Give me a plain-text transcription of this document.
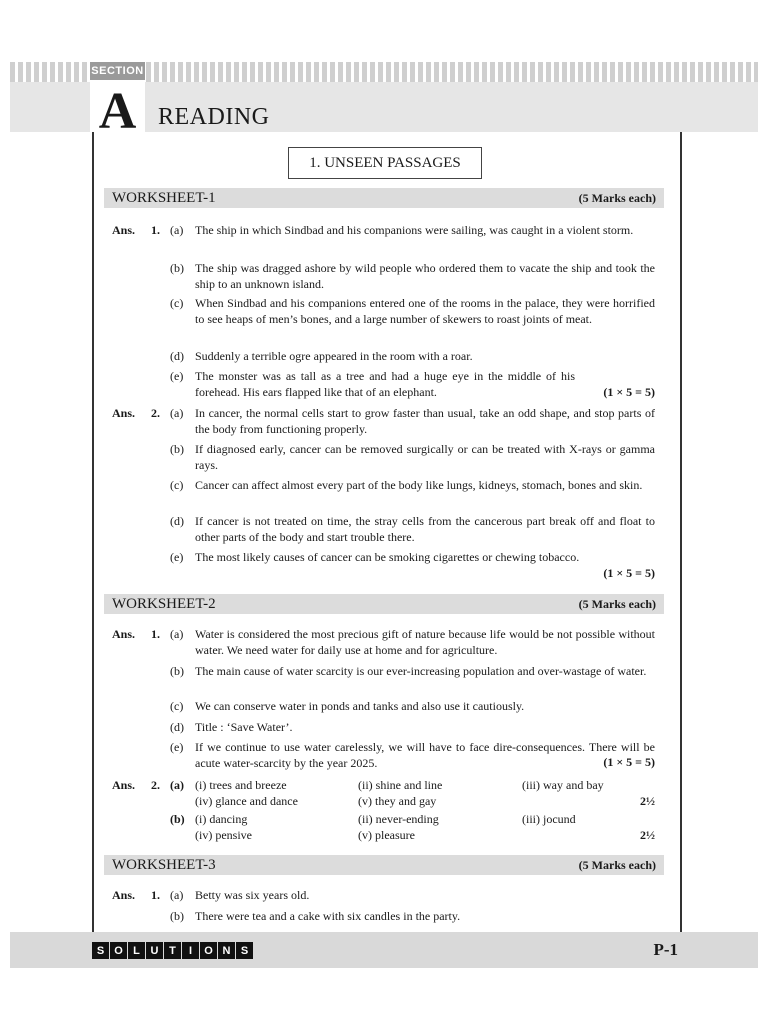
SECTION
A READING
1. UNSEEN PASSAGES
WORKSHEET-1	(5 Marks each)
Ans. 1. (a) The ship in which Sindbad and his companions were sailing, was caught in a violent storm.
(b) The ship was dragged ashore by wild people who ordered them to vacate the ship and took the ship to an unknown island.
(c) When Sindbad and his companions entered one of the rooms in the palace, they were horrified to see heaps of men’s bones, and a large number of skewers to roast joints of meat.
(d) Suddenly a terrible ogre appeared in the room with a roar.
(e) The monster was as tall as a tree and had a huge eye in the middle of his forehead. His ears flapped like that of an elephant.	(1 × 5 = 5)
Ans. 2. (a) In cancer, the normal cells start to grow faster than usual, take an odd shape, and stop parts of the body from functioning properly.
(b) If diagnosed early, cancer can be removed surgically or can be treated with X-rays or gamma rays.
(c) Cancer can affect almost every part of the body like lungs, kidneys, stomach, bones and skin.
(d) If cancer is not treated on time, the stray cells from the cancerous part break off and float to other parts of the body and start trouble there.
(e) The most likely causes of cancer can be smoking cigarettes or chewing tobacco.
(1 × 5 = 5)
WORKSHEET-2	(5 Marks each)
Ans. 1. (a) Water is considered the most precious gift of nature because life would be not possible without water. We need water for daily use at home and for agriculture.
(b) The main cause of water scarcity is our ever-increasing population and over-wastage of water.
(c) We can conserve water in ponds and tanks and also use it cautiously.
(d) Title : ‘Save Water’.
(e) If we continue to use water carelessly, we will have to face dire-consequences. There will be acute water-scarcity by the year 2025.	(1 × 5 = 5)
Ans. 2. (a) (i) trees and breeze	(ii) shine and line	(iii) way and bay
(iv) glance and dance	(v) they and gay	2½
(b) (i) dancing	(ii) never-ending	(iii) jocund
(iv) pensive	(v) pleasure	2½
WORKSHEET-3	(5 Marks each)
Ans. 1. (a) Betty was six years old.
(b) There were tea and a cake with six candles in the party.
S O L U T	I	O N S	P-1
